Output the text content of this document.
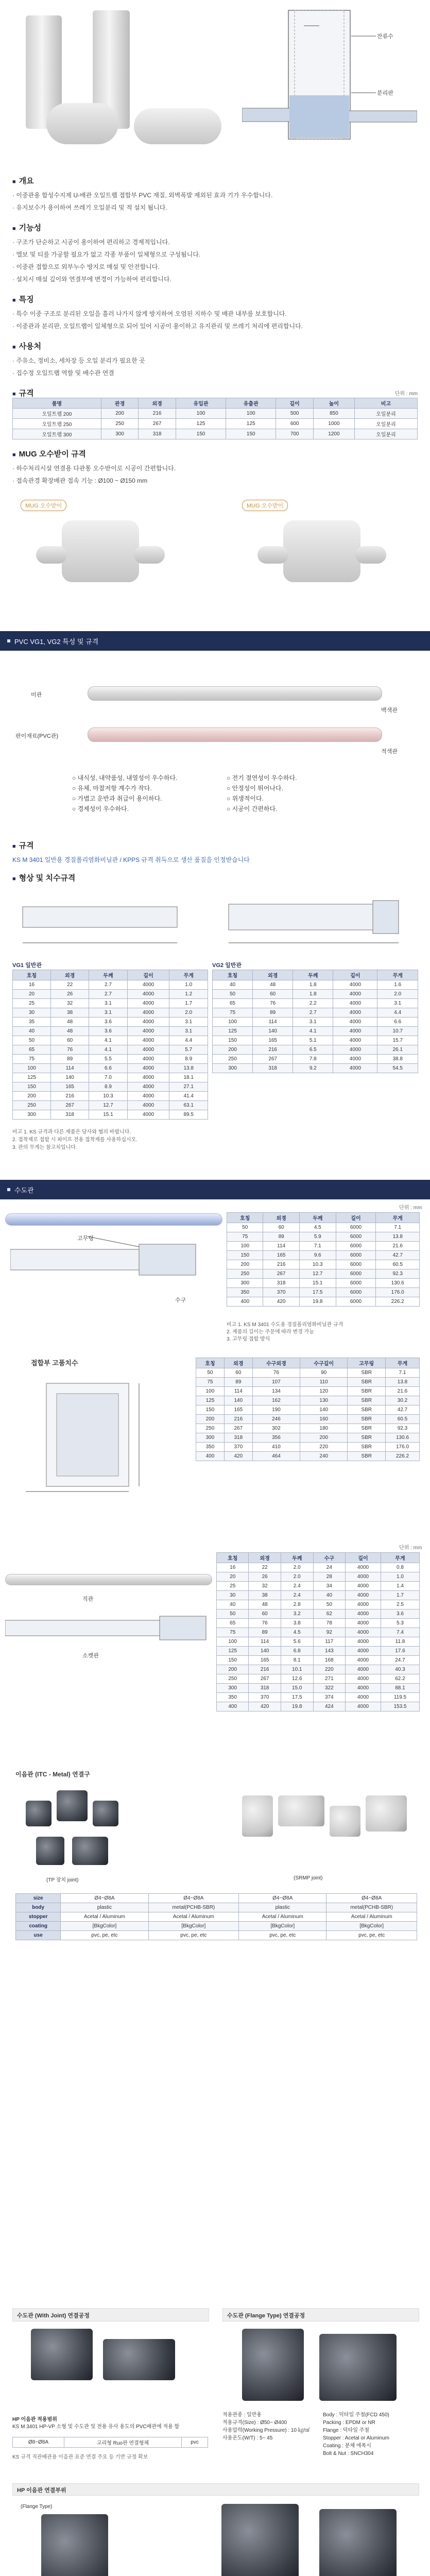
잔류수
분리판

■ 개요

· 이중관용 합성수지제 U-배관 오일트랩 접합부 PVC 재질, 외벽폭발 제외된 효과 기가 우수합니다.

· 유지보수가 용이하여 쓰레기 오일분리 및 적 설치 됩니다.

■ 기능성

· 구조가 단순하고 시공이 용이하여 편리하고 경제적입니다.

· 엘보 및 티를 가공할 필요가 없고 각종 부품이 일체형으로 구성됩니다.

· 이중관 접합으로 외부누수 방지로 매설 및 안전합니다.

· 설치시 매설 깊이와 연결부에 변경이 가능하여 편리합니다.

■ 특징

· 특수 이중 구조로 분리된 오일을 흘러 나가지 않게 방지하여 오염된 지하수 및 배관 내부를 보호합니다.

· 이중관과 분리판, 오일트랩이 일체형으로 되어 있어 시공이 용이하고 유지관리 및 쓰레기 처리에 편리합니다.

■ 사용처

· 주유소, 정비소, 세차장 등 오일 분리가 필요한 곳

· 집수정 오일트랩 역할 및 배수관 연결

■ 규격	단위 : mm
품명	관경	외경	유입관	유출관	길이	높이	비고
오일트랩 200	200	216	100	100	500	850	오일분리
오일트랩 250	250	267	125	125	600	1000	오일분리
오일트랩 300	300	318	150	150	700	1200	오일분리

■ MUG 오수받이 규격

· 하수처리시설 연결용 다관통 오수받이로 시공이 간편합니다.

· 접속관경 확장배관 접속 기능 : Ø100 ~ Ø150 mm

MUG 오수받이	MUG 오수받이
PVC VG1, VG2 특성 및 규격
미관
백색관
판이재료(PVC관)
적색관
○ 내식성, 내약품성, 내열성이 우수하다.	○ 전기 절연성이 우수하다.
○ 유체, 마찰저항 계수가 작다.	○ 안정성이 뛰어나다.
○ 가볍고 운반과 취급이 용이하다.	○ 위생적이다.
○ 경제성이 우수하다.	○ 시공이 간편하다.

■ 규격

KS M 3401 일반용 경질폴리염화비닐관 / KPPS 규격 취득으로 생산 품질을 인정받습니다

■ 형상 및 치수규격

VG1 일반관	VG2 일반관
호칭	외경	두께	길이	무게
16	22	2.7	4000	1.0
20	26	2.7	4000	1.2
25	32	3.1	4000	1.7
30	38	3.1	4000	2.0
35	48	3.6	4000	3.1
40	48	3.6	4000	3.1
50	60	4.1	4000	4.4
65	76	4.1	4000	5.7
75	89	5.5	4000	8.9
100	114	6.6	4000	13.8
125	140	7.0	4000	18.1
150	165	8.9	4000	27.1
200	216	10.3	4000	41.4
250	267	12.7	4000	63.1
300	318	15.1	4000	89.5
호칭	외경	두께	길이	무게
40	48	1.8	4000	1.6
50	60	1.8	4000	2.0
65	76	2.2	4000	3.1
75	89	2.7	4000	4.4
100	114	3.1	4000	6.6
125	140	4.1	4000	10.7
150	165	5.1	4000	15.7
200	216	6.5	4000	26.1
250	267	7.8	4000	38.8
300	318	9.2	4000	54.5
비고 1. KS 규격과 다른 제품은 당사와 협의 바랍니다.
2. 접착제로 접합 시 파이프 전용 접착제를 사용하십시오.
3. 관의 무게는 참고치입니다.
수도관
단위 : mm
고무링
수구
호칭	외경	두께	길이	무게
50	60	4.5	6000	7.1
75	89	5.9	6000	13.8
100	114	7.1	6000	21.6
150	165	9.6	6000	42.7
200	216	10.3	6000	60.5
250	267	12.7	6000	92.3
300	318	15.1	6000	130.6
350	370	17.5	6000	176.0
400	420	19.8	6000	226.2
비고 1. KS M 3401 수도용 경질폴리염화비닐관 규격
2. 제품의 길이는 주문에 따라 변경 가능
3. 고무링 접합 방식
접합부 고품치수	호칭	외경	수구외경	수구깊이	고무링	무게
50	60	76	90	SBR	7.1
75	89	107	110	SBR	13.8
100	114	134	120	SBR	21.6
125	140	162	130	SBR	30.2
150	165	190	140	SBR	42.7
200	216	246	160	SBR	60.5
250	267	302	180	SBR	92.3
300	318	356	200	SBR	130.6
350	370	410	220	SBR	176.0
400	420	464	240	SBR	226.2
단위 : mm
직관
소켓관
호칭	외경	두께	수구	길이	무게
16	22	2.0	24	4000	0.8
20	26	2.0	28	4000	1.0
25	32	2.4	34	4000	1.4
30	38	2.4	40	4000	1.7
40	48	2.8	50	4000	2.5
50	60	3.2	62	4000	3.6
65	76	3.8	78	4000	5.3
75	89	4.5	92	4000	7.4
100	114	5.6	117	4000	11.8
125	140	6.8	143	4000	17.6
150	165	8.1	168	4000	24.7
200	216	10.1	220	4000	40.3
250	267	12.6	271	4000	62.2
300	318	15.0	322	4000	88.1
350	370	17.5	374	4000	119.5
400	420	19.8	424	4000	153.5
이음관 (ITC - Metal) 연결구
(TP 장치 joint)	(SRMP joint)
size	Ø4~Ø8A	Ø4~Ø8A	Ø4~Ø8A	Ø4~Ø8A
body	plastic	metal(PCHB-SBR)	plastic	metal(PCHB-SBR)
stopper	Acetal / Aluminum	Acetal / Aluminum	Acetal / Aluminum	Acetal / Aluminum
coating	[BkgColor]	[BkgColor]	[BkgColor]	[BkgColor]
use	pvc, pe, etc	pvc, pe, etc	pvc, pe, etc	pvc, pe, etc
수도관 (With Joint) 연결공정	수도관 (Flange Type) 연결공정
HP 이음관 적용범위
KS M 3401 HP-VP 소형 및 수도관 및 전용 유사 용도의 PVC배관에 적용 함
Ø8~Ø8A	고리형 Ruo판 연결형체	pvc
KS 규격 직관배관용 이음관 표준 연결 주요 등 기반 규정 확보
적용관종 : 일반용
적용규격(Size) : Ø50~ Ø400
사용압력(Working Pressure) : 10 ㎏/㎠
사용온도(W/T) : 5~ 45
Body : 덕타일 주철(FCD 450)
Packing : EPDM or NR
Flange : 덕타일 주철
Stopper : Acetal or Aluminum
Coating : 분체 에폭시
Bolt & Nut : SNCH304
HP 이음관 연결부위
(Flange Type)
